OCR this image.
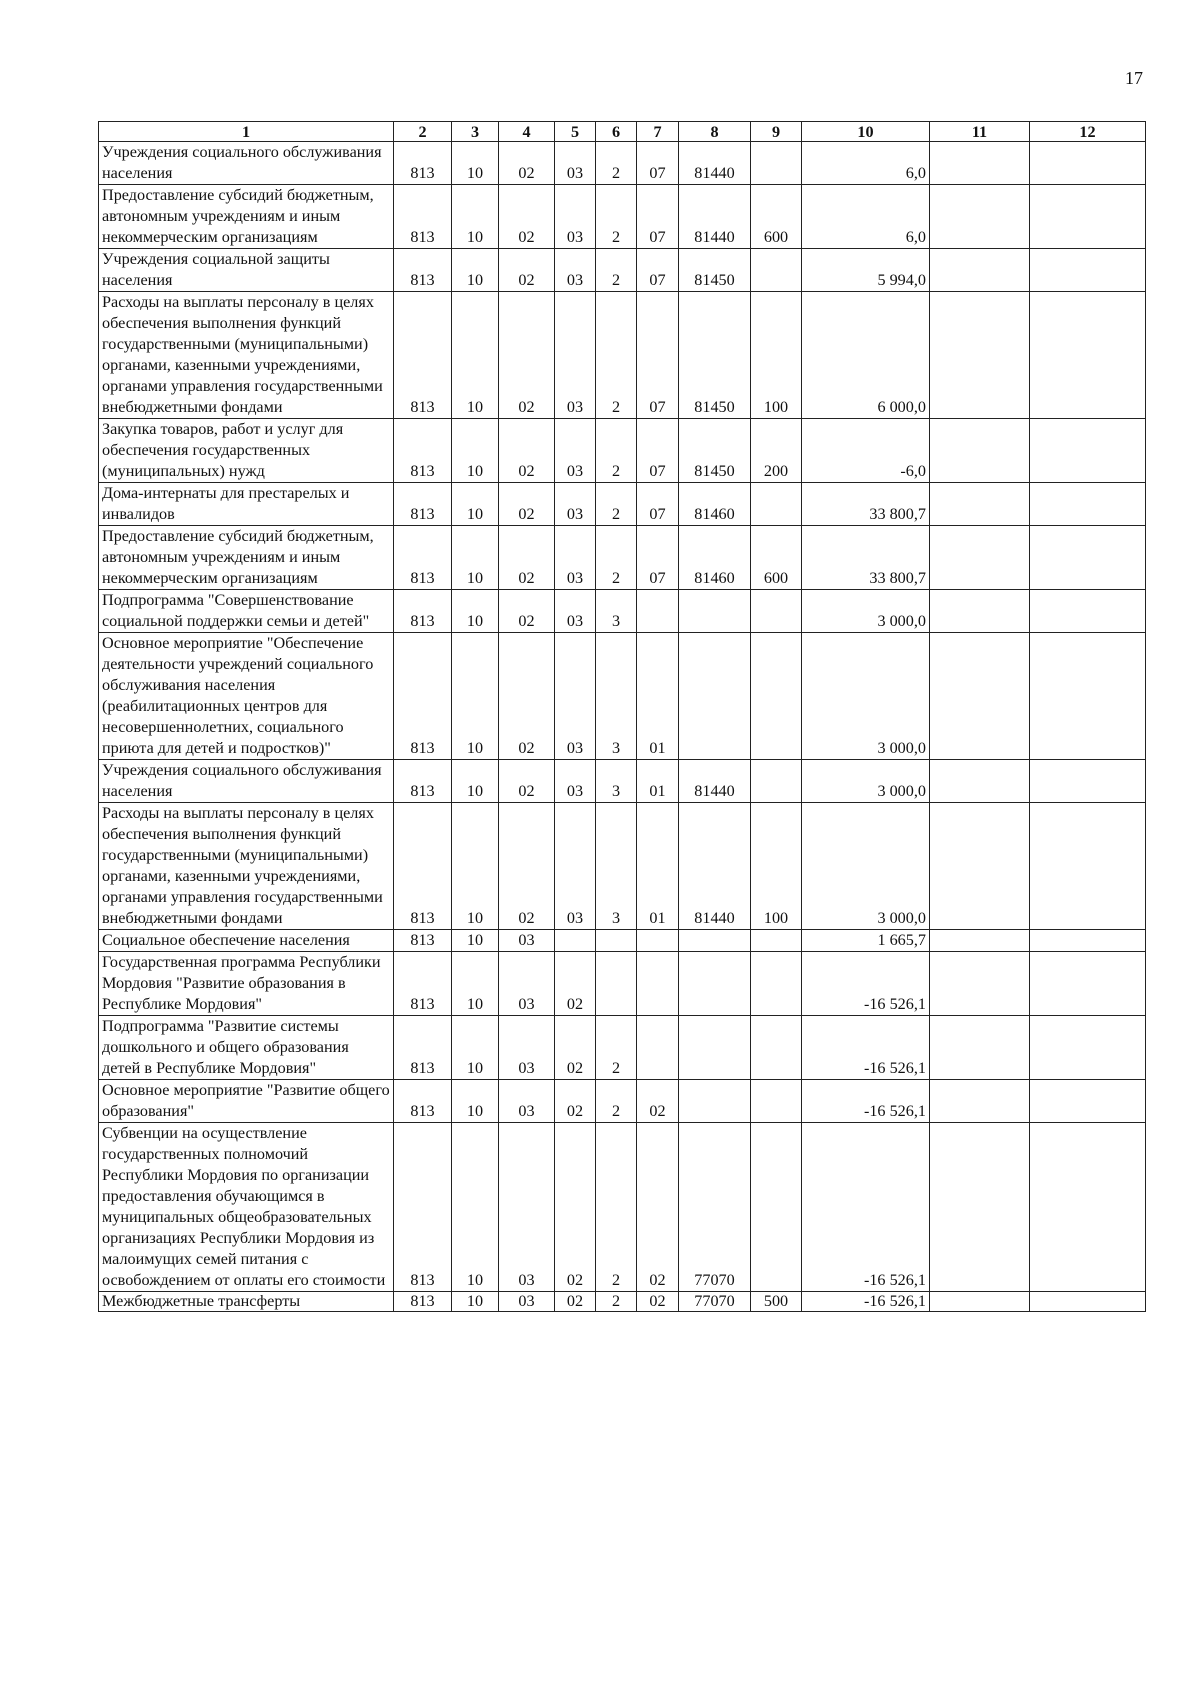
17
1	2	3	4	5	6	7	8	9	10	11	12
Учреждения социального обслуживания населения	813	10	02	03	2	07	81440		6,0		
Предоставление субсидий бюджетным, автономным учреждениям и иным некоммерческим организациям	813	10	02	03	2	07	81440	600	6,0		
Учреждения социальной защиты населения	813	10	02	03	2	07	81450		5 994,0		
Расходы на выплаты персоналу в целях обеспечения выполнения функций государственными (муниципальными) органами, казенными учреждениями, органами управления государственными внебюджетными фондами	813	10	02	03	2	07	81450	100	6 000,0		
Закупка товаров, работ и услуг для обеспечения государственных (муниципальных) нужд	813	10	02	03	2	07	81450	200	-6,0		
Дома-интернаты для престарелых и инвалидов	813	10	02	03	2	07	81460		33 800,7		
Предоставление субсидий бюджетным, автономным учреждениям и иным некоммерческим организациям	813	10	02	03	2	07	81460	600	33 800,7		
Подпрограмма "Совершенствование социальной поддержки семьи и детей"	813	10	02	03	3				3 000,0		
Основное мероприятие "Обеспечение деятельности учреждений социального обслуживания населения (реабилитационных центров для несовершеннолетних, социального приюта для детей и подростков)"	813	10	02	03	3	01			3 000,0		
Учреждения социального обслуживания населения	813	10	02	03	3	01	81440		3 000,0		
Расходы на выплаты персоналу в целях обеспечения выполнения функций государственными (муниципальными) органами, казенными учреждениями, органами управления государственными внебюджетными фондами	813	10	02	03	3	01	81440	100	3 000,0		
Социальное обеспечение населения	813	10	03						1 665,7		
Государственная программа Республики Мордовия "Развитие образования в Республике Мордовия"	813	10	03	02					-16 526,1		
Подпрограмма "Развитие системы дошкольного и общего образования детей в Республике Мордовия"	813	10	03	02	2				-16 526,1		
Основное мероприятие "Развитие общего образования"	813	10	03	02	2	02			-16 526,1		
Субвенции на осуществление государственных полномочий Республики Мордовия по организации предоставления обучающимся в муниципальных общеобразовательных организациях Республики Мордовия из малоимущих семей питания с освобождением от оплаты его стоимости	813	10	03	02	2	02	77070		-16 526,1		
Межбюджетные трансферты	813	10	03	02	2	02	77070	500	-16 526,1		
